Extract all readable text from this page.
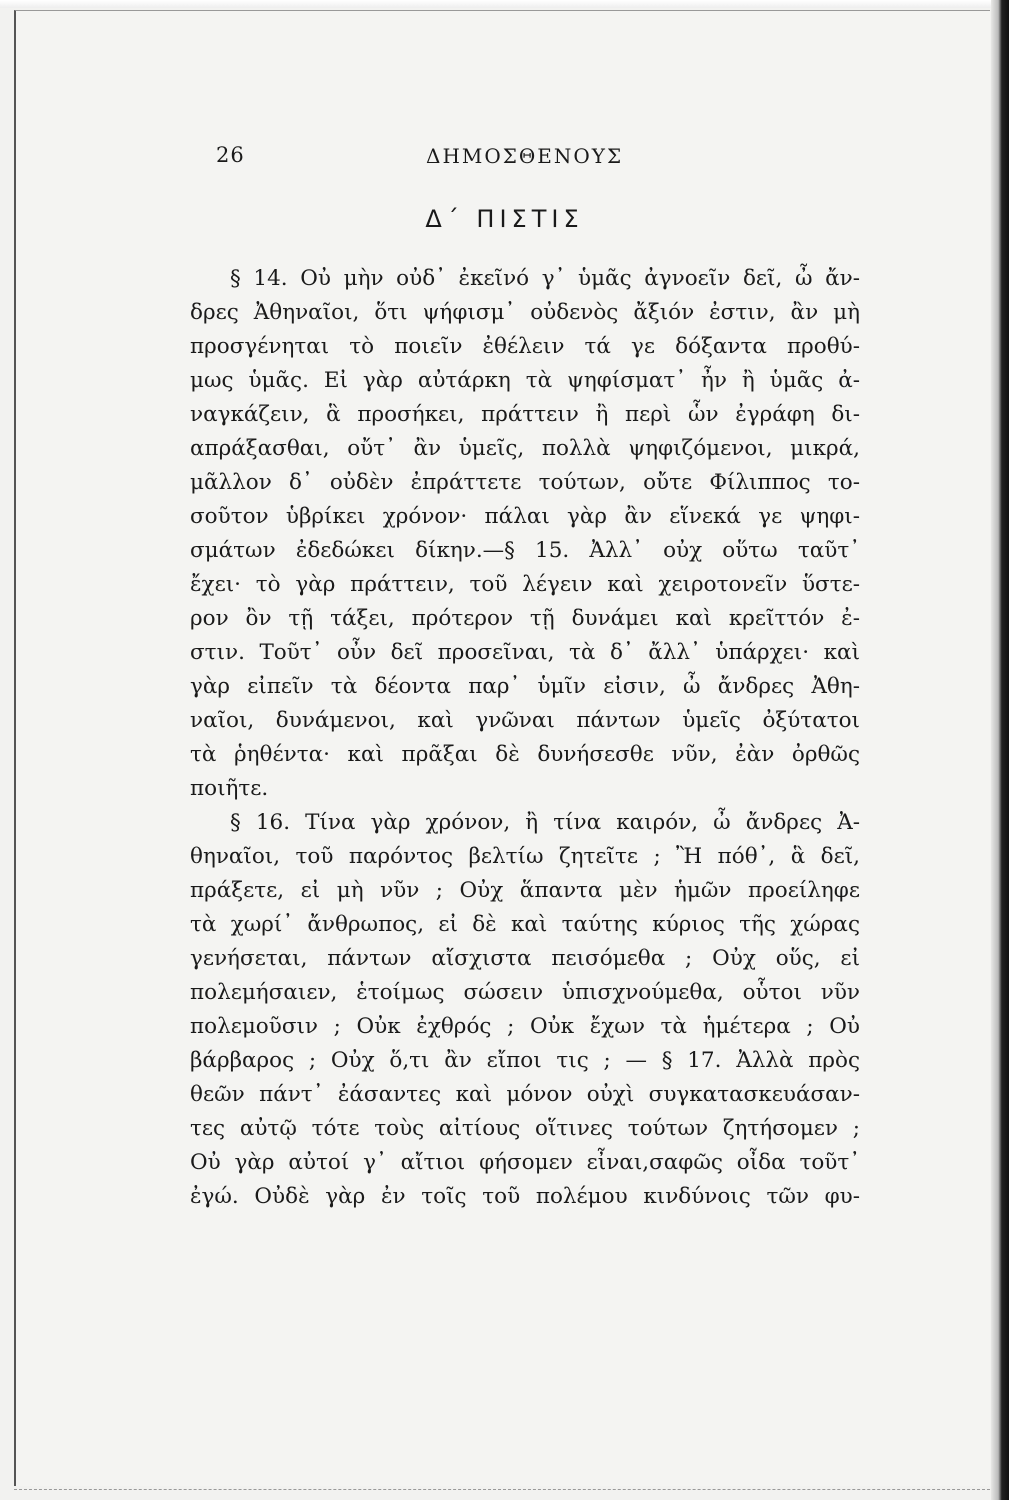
26	ΔΗΜΟΣΘΕΝΟΥΣ
Δ΄ ΠΙΣΤΙΣ
§ 14. Οὐ μὴν οὐδ᾽ ἐκεῖνό γ᾽ ὑμᾶς ἀγνοεῖν δεῖ, ὦ ἄν-
δρες Ἀθηναῖοι, ὅτι ψήφισμ᾽ οὐδενὸς ἄξιόν ἐστιν, ἂν μὴ
προσγένηται τὸ ποιεῖν ἐθέλειν τά γε δόξαντα προθύ-
μως ὑμᾶς. Εἰ γὰρ αὐτάρκη τὰ ψηφίσματ᾽ ἦν ἢ ὑμᾶς ἀ-
ναγκάζειν, ἃ προσήκει, πράττειν ἢ περὶ ὧν ἐγράφη δι-
απράξασθαι, οὔτ᾽ ἂν ὑμεῖς, πολλὰ ψηφιζόμενοι, μικρά,
μᾶλλον δ᾽ οὐδὲν ἐπράττετε τούτων, οὔτε Φίλιππος το-
σοῦτον ὑβρίκει χρόνον· πάλαι γὰρ ἂν εἵνεκά γε ψηφι-
σμάτων ἐδεδώκει δίκην.—§ 15. Ἀλλ᾽ οὐχ οὕτω ταῦτ᾽
ἔχει· τὸ γὰρ πράττειν, τοῦ λέγειν καὶ χειροτονεῖν ὕστε-
ρον ὂν τῇ τάξει, πρότερον τῇ δυνάμει καὶ κρεῖττόν ἐ-
στιν. Τοῦτ᾽ οὖν δεῖ προσεῖναι, τὰ δ᾽ ἄλλ᾽ ὑπάρχει· καὶ
γὰρ εἰπεῖν τὰ δέοντα παρ᾽ ὑμῖν εἰσιν, ὦ ἄνδρες Ἀθη-
ναῖοι, δυνάμενοι, καὶ γνῶναι πάντων ὑμεῖς ὀξύτατοι
τὰ ῥηθέντα· καὶ πρᾶξαι δὲ δυνήσεσθε νῦν, ἐὰν ὀρθῶς
ποιῆτε.
§ 16. Τίνα γὰρ χρόνον, ἢ τίνα καιρόν, ὦ ἄνδρες Ἀ-
θηναῖοι, τοῦ παρόντος βελτίω ζητεῖτε ; Ἢ πόθ᾽, ἃ δεῖ,
πράξετε, εἰ μὴ νῦν ; Οὐχ ἅπαντα μὲν ἡμῶν προείληφε
τὰ χωρί᾽ ἄνθρωπος, εἰ δὲ καὶ ταύτης κύριος τῆς χώρας
γενήσεται, πάντων αἴσχιστα πεισόμεθα ; Οὐχ οὕς, εἰ
πολεμήσαιεν, ἑτοίμως σώσειν ὑπισχνούμεθα, οὗτοι νῦν
πολεμοῦσιν ; Οὐκ ἐχθρός ; Οὐκ ἔχων τὰ ἡμέτερα ; Οὐ
βάρβαρος ; Οὐχ ὅ,τι ἂν εἴποι τις ; — § 17. Ἀλλὰ πρὸς
θεῶν πάντ᾽ ἐάσαντες καὶ μόνον οὐχὶ συγκατασκευάσαν-
τες αὐτῷ τότε τοὺς αἰτίους οἵτινες τούτων ζητήσομεν ;
Οὐ γὰρ αὐτοί γ᾽ αἴτιοι φήσομεν εἶναι,σαφῶς οἶδα τοῦτ᾽
ἐγώ. Οὐδὲ γὰρ ἐν τοῖς τοῦ πολέμου κινδύνοις τῶν φυ-
